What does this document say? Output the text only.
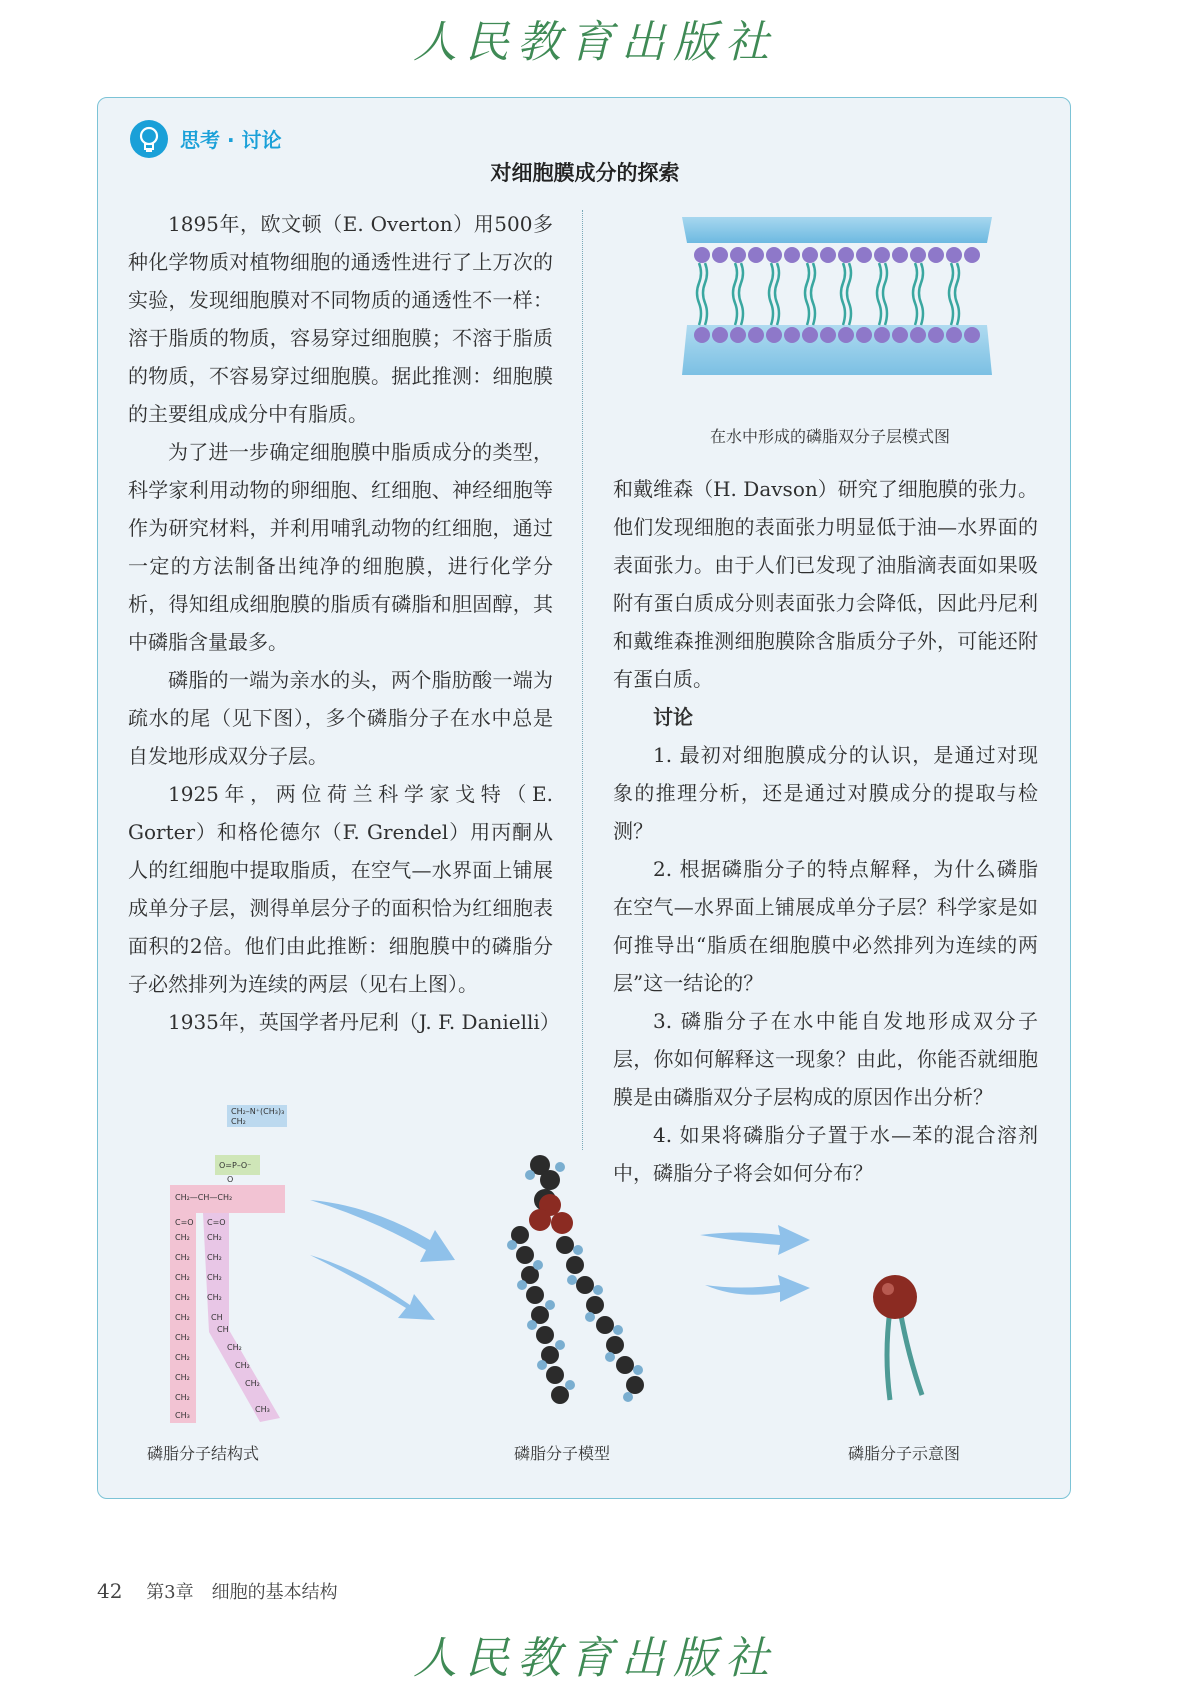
人民教育出版社
思考 · 讨论
对细胞膜成分的探索

1895年，欧文顿（E. Overton）用500多种化学物质对植物细胞的通透性进行了上万次的实验，发现细胞膜对不同物质的通透性不一样：溶于脂质的物质，容易穿过细胞膜；不溶于脂质的物质，不容易穿过细胞膜。据此推测：细胞膜的主要组成成分中有脂质。

为了进一步确定细胞膜中脂质成分的类型，科学家利用动物的卵细胞、红细胞、神经细胞等作为研究材料，并利用哺乳动物的红细胞，通过一定的方法制备出纯净的细胞膜，进行化学分析，得知组成细胞膜的脂质有磷脂和胆固醇，其中磷脂含量最多。

磷脂的一端为亲水的头，两个脂肪酸一端为疏水的尾（见下图），多个磷脂分子在水中总是自发地形成双分子层。

1925年，两位荷兰科学家戈特（E. Gorter）和格伦德尔（F. Grendel）用丙酮从人的红细胞中提取脂质，在空气—水界面上铺展成单分子层，测得单层分子的面积恰为红细胞表面积的2倍。他们由此推断：细胞膜中的磷脂分子必然排列为连续的两层（见右上图）。

1935年，英国学者丹尼利（J. F. Danielli）

在水中形成的磷脂双分子层模式图

和戴维森（H. Davson）研究了细胞膜的张力。他们发现细胞的表面张力明显低于油—水界面的表面张力。由于人们已发现了油脂滴表面如果吸附有蛋白质成分则表面张力会降低，因此丹尼利和戴维森推测细胞膜除含脂质分子外，可能还附有蛋白质。

讨论

1. 最初对细胞膜成分的认识，是通过对现象的推理分析，还是通过对膜成分的提取与检测？

2. 根据磷脂分子的特点解释，为什么磷脂在空气—水界面上铺展成单分子层？科学家是如何推导出“脂质在细胞膜中必然排列为连续的两层”这一结论的？

3. 磷脂分子在水中能自发地形成双分子层，你如何解释这一现象？由此，你能否就细胞膜是由磷脂双分子层构成的原因作出分析？

4. 如果将磷脂分子置于水—苯的混合溶剂中，磷脂分子将会如何分布？

CH₂–N⁺(CH₃)₃
CH₂
O=P–O⁻
O
CH₂—CH—CH₂
C=O C=O
CH₂
CH₂
CH₂
CH₂
CH₂
CH₂
CH₂
CH₂
CH₂
CH₃
CH₂
CH₂
CH₂
CH₂
CH
CH
CH₂
CH₂
CH₂
CH₃
磷脂分子结构式	磷脂分子模型	磷脂分子示意图
42 第3章　细胞的基本结构
人民教育出版社
